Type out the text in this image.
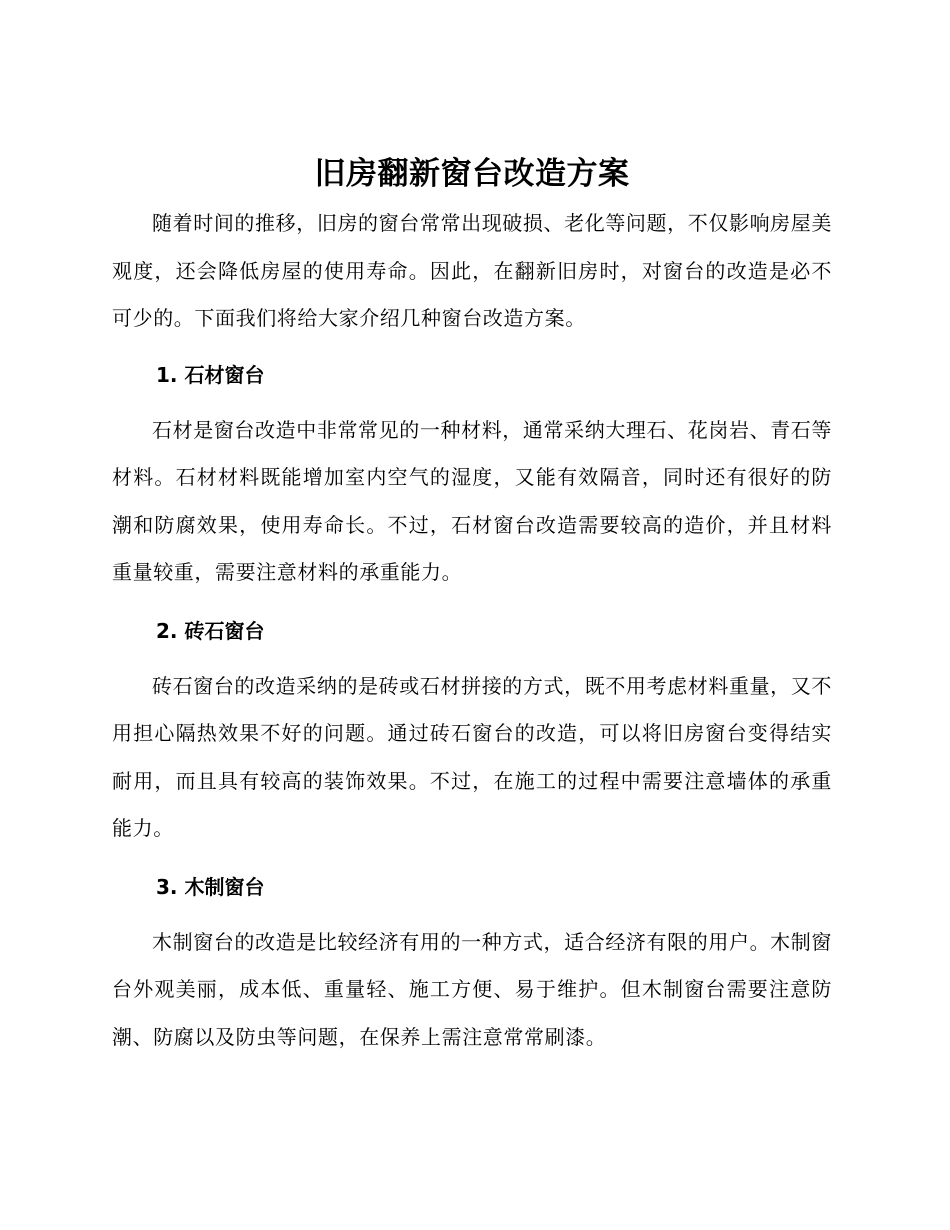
旧房翻新窗台改造方案

随着时间的推移，旧房的窗台常常出现破损、老化等问题，不仅影响房屋美观度，还会降低房屋的使用寿命。因此，在翻新旧房时，对窗台的改造是必不可少的。下面我们将给大家介绍几种窗台改造方案。

1. 石材窗台

石材是窗台改造中非常常见的一种材料，通常采纳大理石、花岗岩、青石等材料。石材材料既能增加室内空气的湿度，又能有效隔音，同时还有很好的防潮和防腐效果，使用寿命长。不过，石材窗台改造需要较高的造价，并且材料重量较重，需要注意材料的承重能力。

2. 砖石窗台

砖石窗台的改造采纳的是砖或石材拼接的方式，既不用考虑材料重量，又不用担心隔热效果不好的问题。通过砖石窗台的改造，可以将旧房窗台变得结实耐用，而且具有较高的装饰效果。不过，在施工的过程中需要注意墙体的承重能力。

3. 木制窗台

木制窗台的改造是比较经济有用的一种方式，适合经济有限的用户。木制窗台外观美丽，成本低、重量轻、施工方便、易于维护。但木制窗台需要注意防潮、防腐以及防虫等问题，在保养上需注意常常刷漆。
